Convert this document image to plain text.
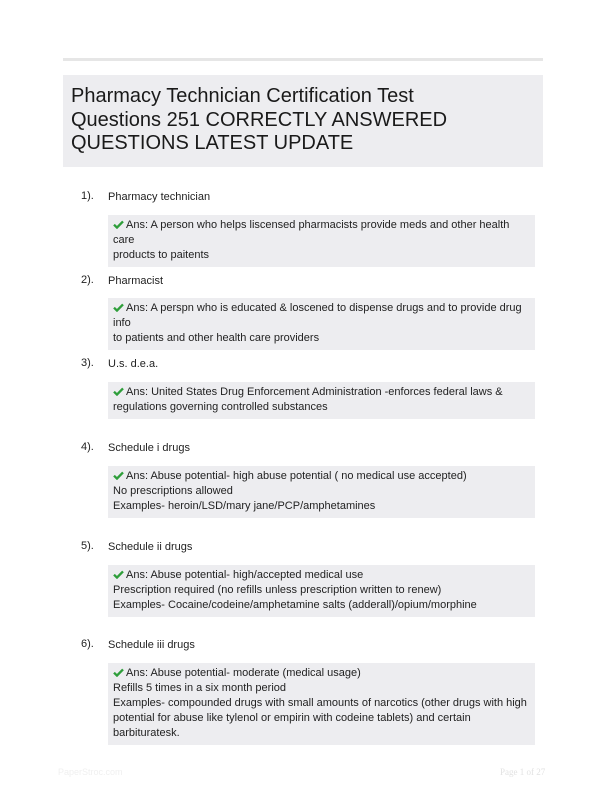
Pharmacy Technician Certification Test
Questions 251 CORRECTLY ANSWERED
QUESTIONS LATEST UPDATE
1). Pharmacy technician
Ans: A person who helps liscensed pharmacists provide meds and other health care
products to paitents
2). Pharmacist
Ans: A perspn who is educated & loscened to dispense drugs and to provide drug info
to patients and other health care providers
3). U.s. d.e.a.
Ans: United States Drug Enforcement Administration -enforces federal laws &
regulations governing controlled substances
4). Schedule i drugs
Ans: Abuse potential- high abuse potential ( no medical use accepted)
No prescriptions allowed
Examples- heroin/LSD/mary jane/PCP/amphetamines
5). Schedule ii drugs
Ans: Abuse potential- high/accepted medical use
Prescription required (no refills unless prescription written to renew)
Examples- Cocaine/codeine/amphetamine salts (adderall)/opium/morphine
6). Schedule iii drugs
Ans: Abuse potential- moderate (medical usage)
Refills 5 times in a six month period
Examples- compounded drugs with small amounts of narcotics (other drugs with high
potential for abuse like tylenol or empirin with codeine tablets) and certain barbituratesk.
PaperStroc.com	Page 1 of 27
